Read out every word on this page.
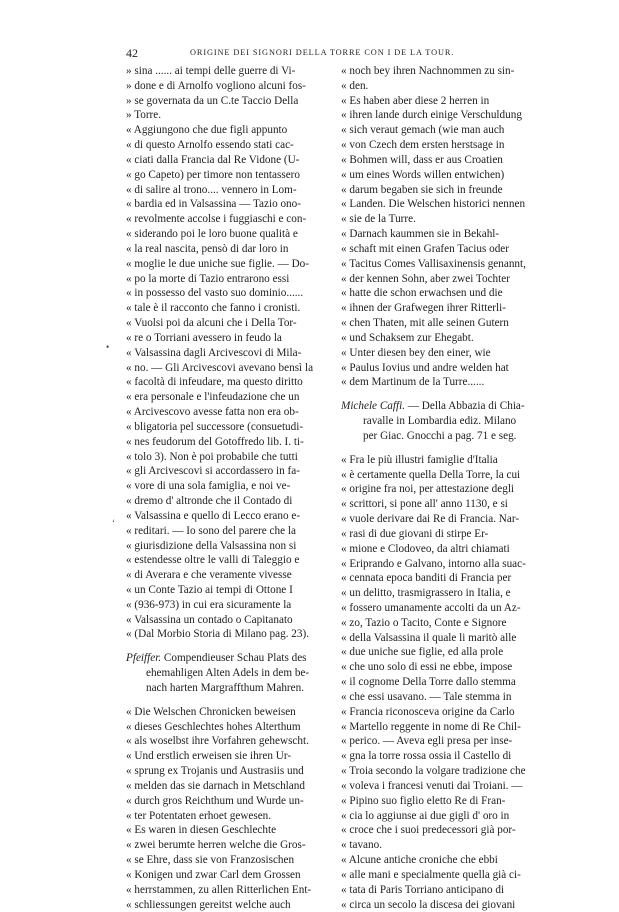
42	ORIGINE DEI SIGNORI DELLA TORRE CON I DE LA TOUR.
» sina ...... ai tempi delle guerre di Vi-
» done e di Arnolfo vogliono alcuni fos-
» se governata da un C.te Taccio Della
» Torre.
« Aggiungono che due figli appunto
« di questo Arnolfo essendo stati cac-
« ciati dalla Francia dal Re Vidone (U-
« go Capeto) per timore non tentassero
« di salire al trono.... vennero in Lom-
« bardia ed in Valsassina — Tazio ono-
« revolmente accolse i fuggiaschi e con-
« siderando poi le loro buone qualità e
« la real nascita, pensò di dar loro in
« moglie le due uniche sue figlie. — Do-
« po la morte di Tazio entrarono essi
« in possesso del vasto suo dominio......
« tale è il racconto che fanno i cronisti.
« Vuolsi poi da alcuni che i Della Tor-
« re o Torriani avessero in feudo la
« Valsassina dagli Arcivescovi di Mila-
« no. — Gli Arcivescovi avevano bensì la
« facoltà di infeudare, ma questo diritto
« era personale e l'infeudazione che un
« Arcivescovo avesse fatta non era ob-
« bligatoria pel successore (consuetudi-
« nes feudorum del Gotoffredo lib. I. ti-
« tolo 3). Non è poi probabile che tutti
« gli Arcivescovi si accordassero in fa-
« vore di una sola famiglia, e noi ve-
« dremo d' altronde che il Contado di
« Valsassina e quello di Lecco erano e-
« reditari. — Io sono del parere che la
« giurisdizione della Valsassina non si
« estendesse oltre le valli di Taleggio e
« di Averara e che veramente vivesse
« un Conte Tazio ai tempi di Ottone I
« (936-973) in cui era sicuramente la
« Valsassina un contado o Capitanato
« (Dal Morbio Storia di Milano pag. 23).
Pfeiffer. Compendieuser Schau Plats des
ehemahligen Alten Adels in dem be-
nach harten Margraffthum Mahren.
« Die Welschen Chronicken beweisen
« dieses Geschlechtes hohes Alterthum
« als woselbst ihre Vorfahren gehewscht.
« Und erstlich erweisen sie ihren Ur-
« sprung ex Trojanis und Austrasiis und
« melden das sie darnach in Metschland
« durch gros Reichthum und Wurde un-
« ter Potentaten erhoet gewesen.
« Es waren in diesen Geschlechte
« zwei berumte herren welche die Gros-
« se Ehre, dass sie von Franzosischen
« Konigen und zwar Carl dem Grossen
« herrstammen, zu allen Ritterlichen Ent-
« schliessungen gereitst welche auch
•
‘
« noch bey ihren Nachnommen zu sin-
« den.
« Es haben aber diese 2 herren in
« ihren lande durch einige Verschuldung
« sich veraut gemach (wie man auch
« von Czech dem ersten herstsage in
« Bohmen will, dass er aus Croatien
« um eines Words willen entwichen)
« darum begaben sie sich in freunde
« Landen. Die Welschen historici nennen
« sie de la Turre.
« Darnach kaummen sie in Bekahl-
« schaft mit einen Grafen Tacius oder
« Tacitus Comes Vallisaxinensis genannt,
« der kennen Sohn, aber zwei Tochter
« hatte die schon erwachsen und die
« ihnen der Grafwegen ihrer Ritterli-
« chen Thaten, mit alle seinen Gutern
« und Schaksem zur Ehegabt.
« Unter diesen bey den einer, wie
« Paulus Iovius und andre welden hat
« dem Martinum de la Turre......
Michele Caffi. — Della Abbazia di Chia-
ravalle in Lombardia ediz. Milano
per Giac. Gnocchi a pag. 71 e seg.
« Fra le più illustri famiglie d'Italia
« è certamente quella Della Torre, la cui
« origine fra noi, per attestazione degli
« scrittori, si pone all' anno 1130, e si
« vuole derivare dai Re di Francia. Nar-
« rasi di due giovani di stirpe Er-
« mione e Clodoveo, da altri chiamati
« Eriprando e Galvano, intorno alla suac-
« cennata epoca banditi di Francia per
« un delitto, trasmigrassero in Italia, e
« fossero umanamente accolti da un Az-
« zo, Tazio o Tacito, Conte e Signore
« della Valsassina il quale li maritò alle
« due uniche sue figlie, ed alla prole
« che uno solo di essi ne ebbe, impose
« il cognome Della Torre dallo stemma
« che essi usavano. — Tale stemma in
« Francia riconosceva origine da Carlo
« Martello reggente in nome di Re Chil-
« perico. — Aveva egli presa per inse-
« gna la torre rossa ossia il Castello di
« Troia secondo la volgare tradizione che
« voleva i francesi venuti dai Troiani. —
« Pipino suo figlio eletto Re di Fran-
« cia lo aggiunse ai due gigli d' oro in
« croce che i suoi predecessori già por-
« tavano.
« Alcune antiche croniche che ebbi
« alle mani e specialmente quella già ci-
« tata di Paris Torriano anticipano di
« circa un secolo la discesa dei giovani
